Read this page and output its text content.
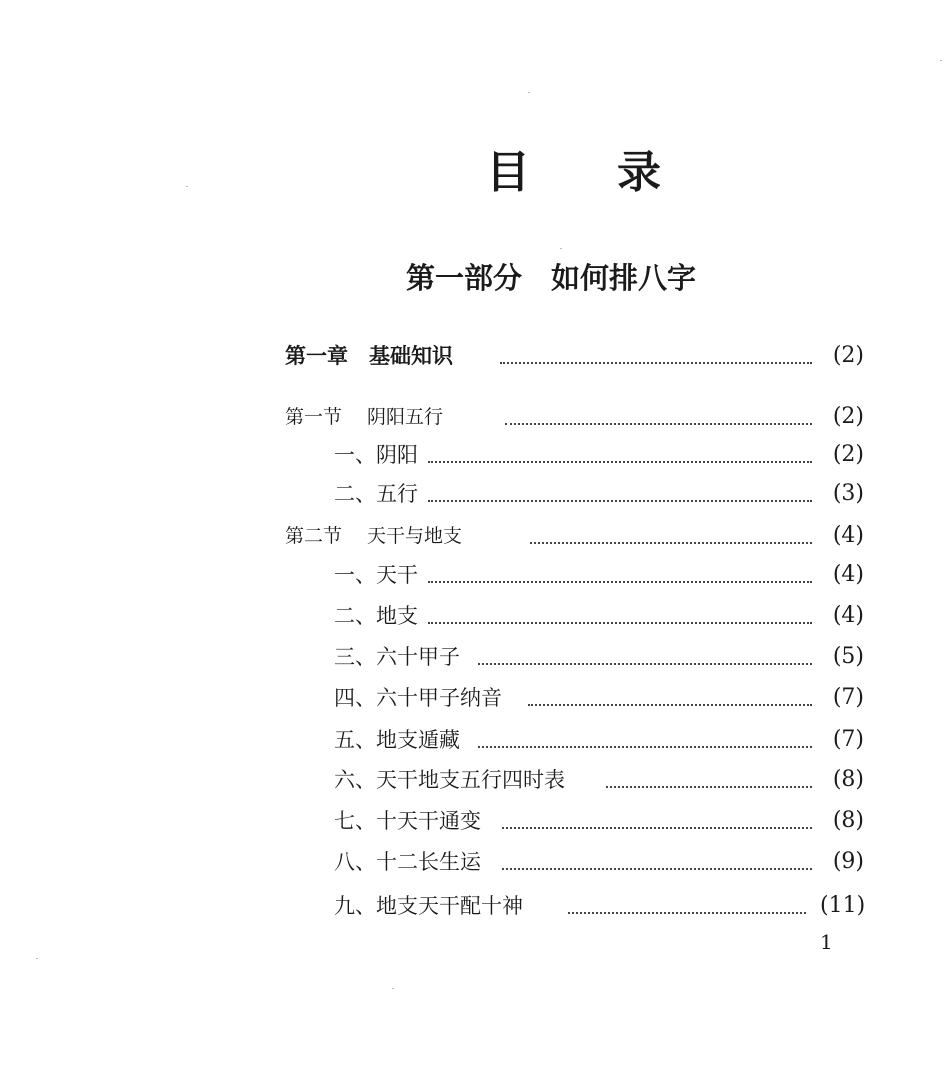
目 录
第一部分　如何排八字
第一章　基础知识	(2)
第一节　 阴阳五行	(2)
一、阴阳	(2)
二、五行	(3)
第二节　 天干与地支	(4)
一、天干	(4)
二、地支	(4)
三、六十甲子	(5)
四、六十甲子纳音	(7)
五、地支遁藏	(7)
六、天干地支五行四时表	(8)
七、十天干通变	(8)
八、十二长生运	(9)
九、地支天干配十神	(11)
1
